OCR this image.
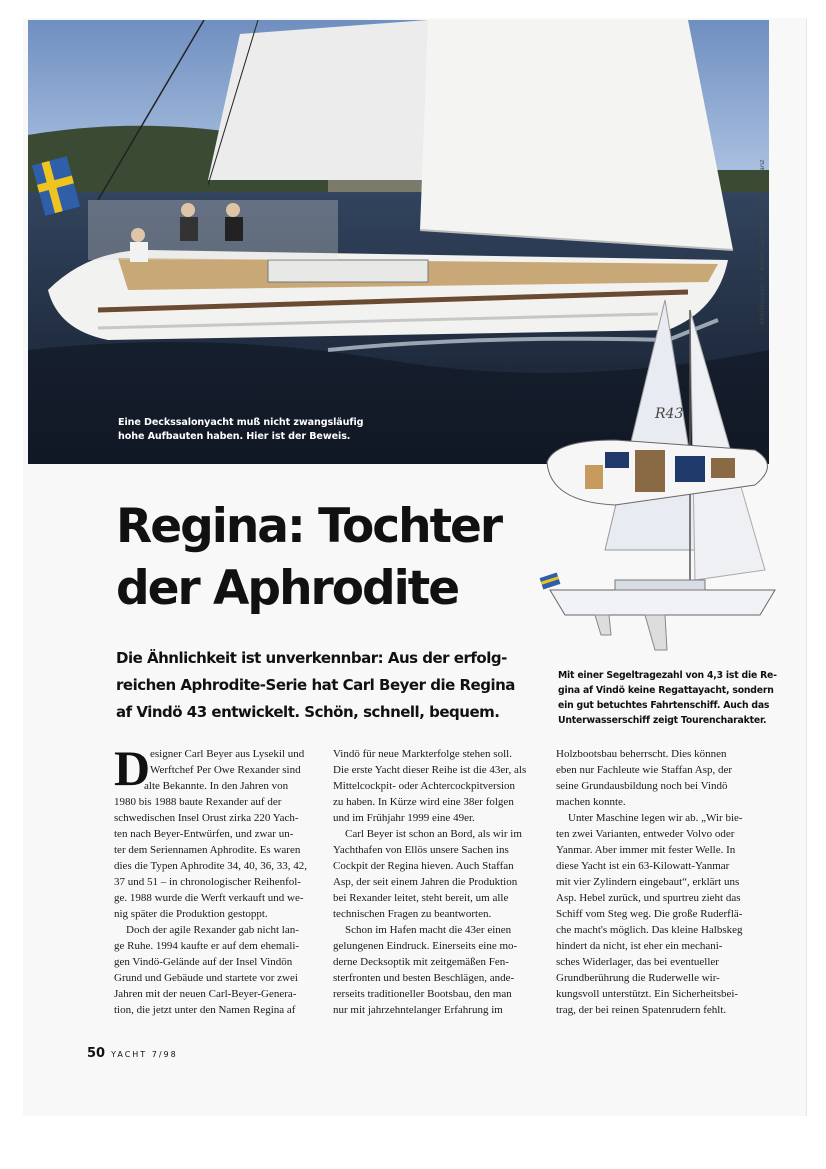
Eine Deckssalonyacht muß nicht zwangsläufig
hohe Aufbauten haben. Hier ist der Beweis.
Abbildungen: C. Ahlert, Zeichnung: A. Heppe Franz
R43
Mit einer Segeltragezahl von 4,3 ist die Re-
gina af Vindö keine Regattayacht, sondern
ein gut betuchtes Fahrtenschiff. Auch das
Unterwasserschiff zeigt Tourencharakter.
Regina: Tochter
der Aphrodite
Die Ähnlichkeit ist unverkennbar: Aus der erfolg-
reichen Aphrodite-Serie hat Carl Beyer die Regina
af Vindö 43 entwickelt. Schön, schnell, bequem.
D esigner Carl Beyer aus Lysekil und
Werftchef Per Owe Rexander sind
alte Bekannte. In den Jahren von
1980 bis 1988 baute Rexander auf der
schwedischen Insel Orust zirka 220 Yach-
ten nach Beyer-Entwürfen, und zwar un-
ter dem Seriennamen Aphrodite. Es waren
dies die Typen Aphrodite 34, 40, 36, 33, 42,
37 und 51 – in chronologischer Reihenfol-
ge. 1988 wurde die Werft verkauft und we-
nig später die Produktion gestoppt.
Doch der agile Rexander gab nicht lan-
ge Ruhe. 1994 kaufte er auf dem ehemali-
gen Vindö-Gelände auf der Insel Vindön
Grund und Gebäude und startete vor zwei
Jahren mit der neuen Carl-Beyer-Genera-
tion, die jetzt unter den Namen Regina af
Vindö für neue Markterfolge stehen soll.
Die erste Yacht dieser Reihe ist die 43er, als
Mittelcockpit- oder Achtercockpitversion
zu haben. In Kürze wird eine 38er folgen
und im Frühjahr 1999 eine 49er.
Carl Beyer ist schon an Bord, als wir im
Yachthafen von Ellös unsere Sachen ins
Cockpit der Regina hieven. Auch Staffan
Asp, der seit einem Jahren die Produktion
bei Rexander leitet, steht bereit, um alle
technischen Fragen zu beantworten.
Schon im Hafen macht die 43er einen
gelungenen Eindruck. Einerseits eine mo-
derne Decksoptik mit zeitgemäßen Fen-
sterfronten und besten Beschlägen, ande-
rerseits traditioneller Bootsbau, den man
nur mit jahrzehntelanger Erfahrung im
Holzbootsbau beherrscht. Dies können
eben nur Fachleute wie Staffan Asp, der
seine Grundausbildung noch bei Vindö
machen konnte.
Unter Maschine legen wir ab. „Wir bie-
ten zwei Varianten, entweder Volvo oder
Yanmar. Aber immer mit fester Welle. In
diese Yacht ist ein 63-Kilowatt-Yanmar
mit vier Zylindern eingebaut“, erklärt uns
Asp. Hebel zurück, und spurtreu zieht das
Schiff vom Steg weg. Die große Ruderflä-
che macht's möglich. Das kleine Halbskeg
hindert da nicht, ist eher ein mechani-
sches Widerlager, das bei eventueller
Grundberührung die Ruderwelle wir-
kungsvoll unterstützt. Ein Sicherheitsbei-
trag, der bei reinen Spatenrudern fehlt.
50 YACHT 7/98
